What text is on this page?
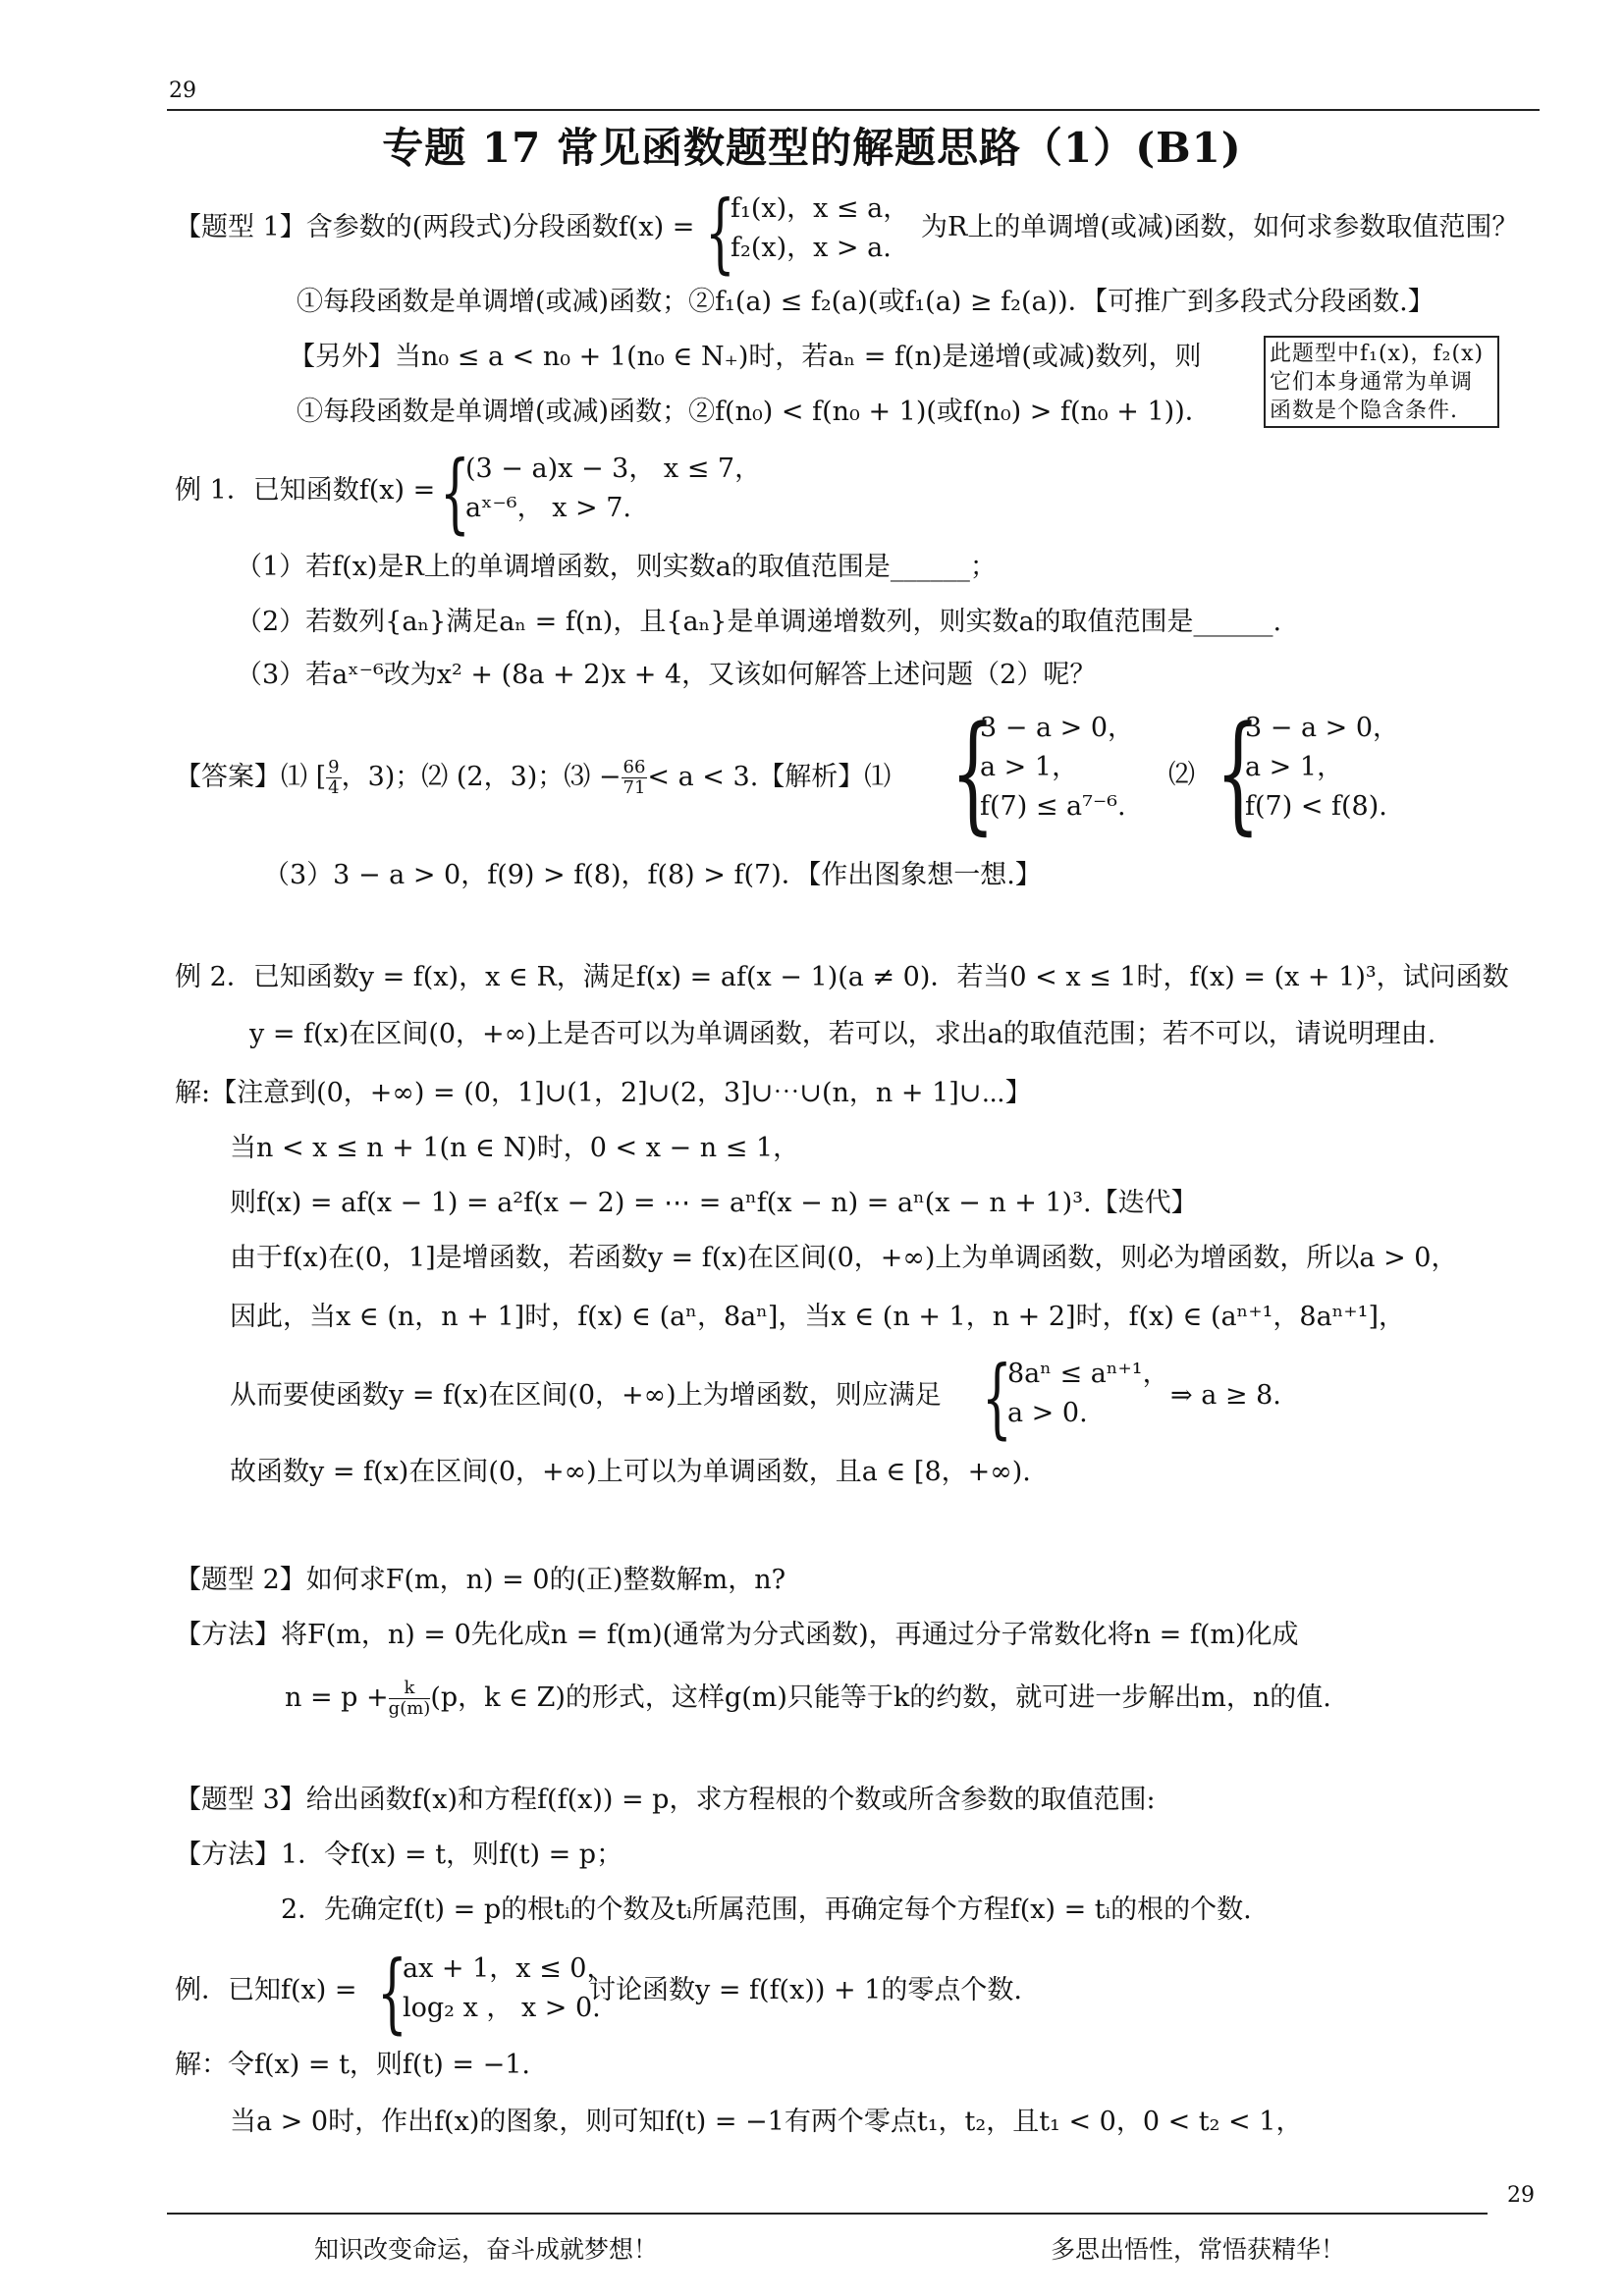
29
专题 17 常见函数题型的解题思路（1）(B1)
【题型 1】含参数的(两段式)分段函数f(x) = {
f₁(x)，x ≤ a，
f₂(x)，x > a.
为R上的单调增(或减)函数，如何求参数取值范围？
①每段函数是单调增(或减)函数；②f₁(a) ≤ f₂(a)(或f₁(a) ≥ f₂(a))．【可推广到多段式分段函数.】
【另外】当n₀ ≤ a < n₀ + 1(n₀ ∈ N₊)时，若aₙ = f(n)是递增(或减)数列，则
①每段函数是单调增(或减)函数；②f(n₀) < f(n₀ + 1)(或f(n₀) > f(n₀ + 1))．
此题型中f₁(x)，f₂(x)
它们本身通常为单调
函数是个隐含条件.
例 1．已知函数f(x) = {
(3 − a)x − 3， x ≤ 7，
aˣ⁻⁶， x > 7.
（1）若f(x)是R上的单调增函数，则实数a的取值范围是______；
（2）若数列{aₙ}满足aₙ = f(n)，且{aₙ}是单调递增数列，则实数a的取值范围是______.
（3）若aˣ⁻⁶改为x² + (8a + 2)x + 4，又该如何解答上述问题（2）呢？
【答案】⑴ [ $\frac{9}{4}$ ，3)；⑵ (2，3)；⑶ − $\frac{66}{71} < a < 3$.【解析】⑴ {
3 − a > 0，
a > 1，
f(7) ≤ a⁷⁻⁶.
⑵ {
3 − a > 0，
a > 1，
f(7) < f(8).
（3）3 − a > 0，f(9) > f(8)，f(8) > f(7)．【作出图象想一想.】
例 2．已知函数y = f(x)，x ∈ R，满足f(x) = af(x − 1)(a ≠ 0)．若当0 < x ≤ 1时，f(x) = (x + 1)³，试问函数
y = f(x)在区间(0，+∞)上是否可以为单调函数，若可以，求出a的取值范围；若不可以，请说明理由.
解:【注意到(0，+∞) = (0，1]∪(1，2]∪(2，3]∪⋯∪(n，n + 1]∪⋯】
当n < x ≤ n + 1(n ∈ N)时，0 < x − n ≤ 1，
则f(x) = af(x − 1) = a²f(x − 2) = ⋯ = aⁿf(x − n) = aⁿ(x − n + 1)³.【迭代】
由于f(x)在(0，1]是增函数，若函数y = f(x)在区间(0，+∞)上为单调函数，则必为增函数，所以a > 0，
因此，当x ∈ (n，n + 1]时，f(x) ∈ (aⁿ，8aⁿ]，当x ∈ (n + 1，n + 2]时，f(x) ∈ (aⁿ⁺¹，8aⁿ⁺¹]，
从而要使函数y = f(x)在区间(0，+∞)上为增函数，则应满足 {
8aⁿ ≤ aⁿ⁺¹，
a > 0.
⇒ a ≥ 8.
故函数y = f(x)在区间(0，+∞)上可以为单调函数，且a ∈ [8，+∞).
【题型 2】如何求F(m，n) = 0的(正)整数解m，n?
【方法】将F(m，n) = 0先化成n = f(m)(通常为分式函数)，再通过分子常数化将n = f(m)化成
$n = p + \frac{k}{g(m)} (p$，k ∈ Z)的形式，这样g(m)只能等于k的约数，就可进一步解出m，n的值.
【题型 3】给出函数f(x)和方程f(f(x)) = p，求方程根的个数或所含参数的取值范围:
【方法】1．令f(x) = t，则f(t) = p；
2．先确定f(t) = p的根tᵢ的个数及tᵢ所属范围，再确定每个方程f(x) = tᵢ的根的个数.
例．已知f(x) = {
ax + 1，x ≤ 0，
log₂ x ， x > 0.
讨论函数y = f(f(x)) + 1的零点个数.
解：令f(x) = t，则f(t) = −1.
当a > 0时，作出f(x)的图象，则可知f(t) = −1有两个零点t₁，t₂，且t₁ < 0，0 < t₂ < 1，
29
知识改变命运，奋斗成就梦想！	多思出悟性，常悟获精华！
